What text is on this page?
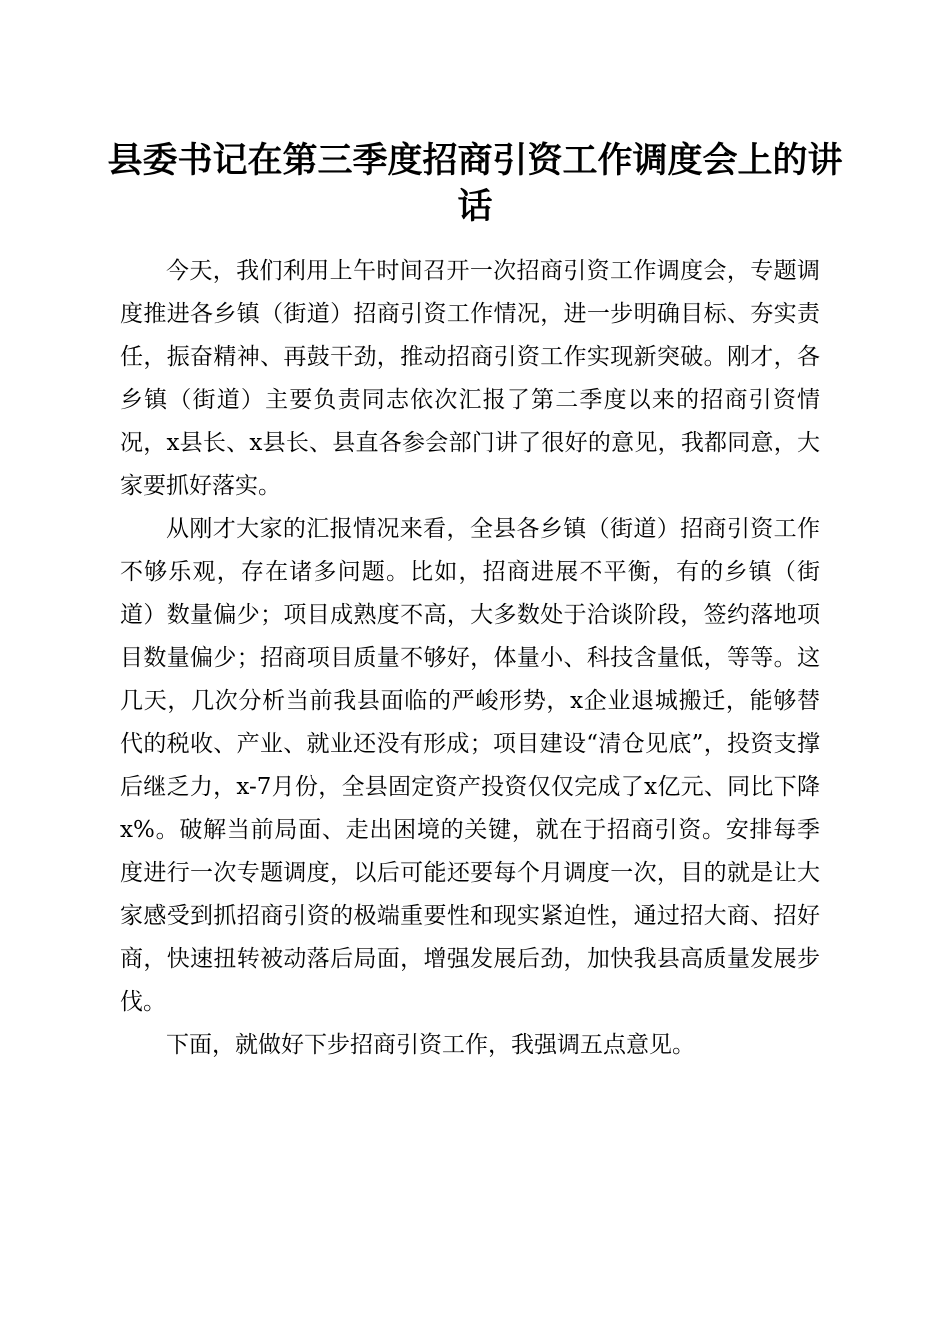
县委书记在第三季度招商引资工作调度会上的讲话

今天，我们利用上午时间召开一次招商引资工作调度会，专题调度推进各乡镇（街道）招商引资工作情况，进一步明确目标、夯实责任，振奋精神、再鼓干劲，推动招商引资工作实现新突破。刚才，各乡镇（街道）主要负责同志依次汇报了第二季度以来的招商引资情况，x县长、x县长、县直各参会部门讲了很好的意见，我都同意，大家要抓好落实。

从刚才大家的汇报情况来看，全县各乡镇（街道）招商引资工作不够乐观，存在诸多问题。比如，招商进展不平衡，有的乡镇（街道）数量偏少；项目成熟度不高，大多数处于洽谈阶段，签约落地项目数量偏少；招商项目质量不够好，体量小、科技含量低，等等。这几天，几次分析当前我县面临的严峻形势，x企业退城搬迁，能够替代的税收、产业、就业还没有形成；项目建设“清仓见底”，投资支撑后继乏力，x-7月份，全县固定资产投资仅仅完成了x亿元、同比下降x%。破解当前局面、走出困境的关键，就在于招商引资。安排每季度进行一次专题调度，以后可能还要每个月调度一次，目的就是让大家感受到抓招商引资的极端重要性和现实紧迫性，通过招大商、招好商，快速扭转被动落后局面，增强发展后劲，加快我县高质量发展步伐。

下面，就做好下步招商引资工作，我强调五点意见。
